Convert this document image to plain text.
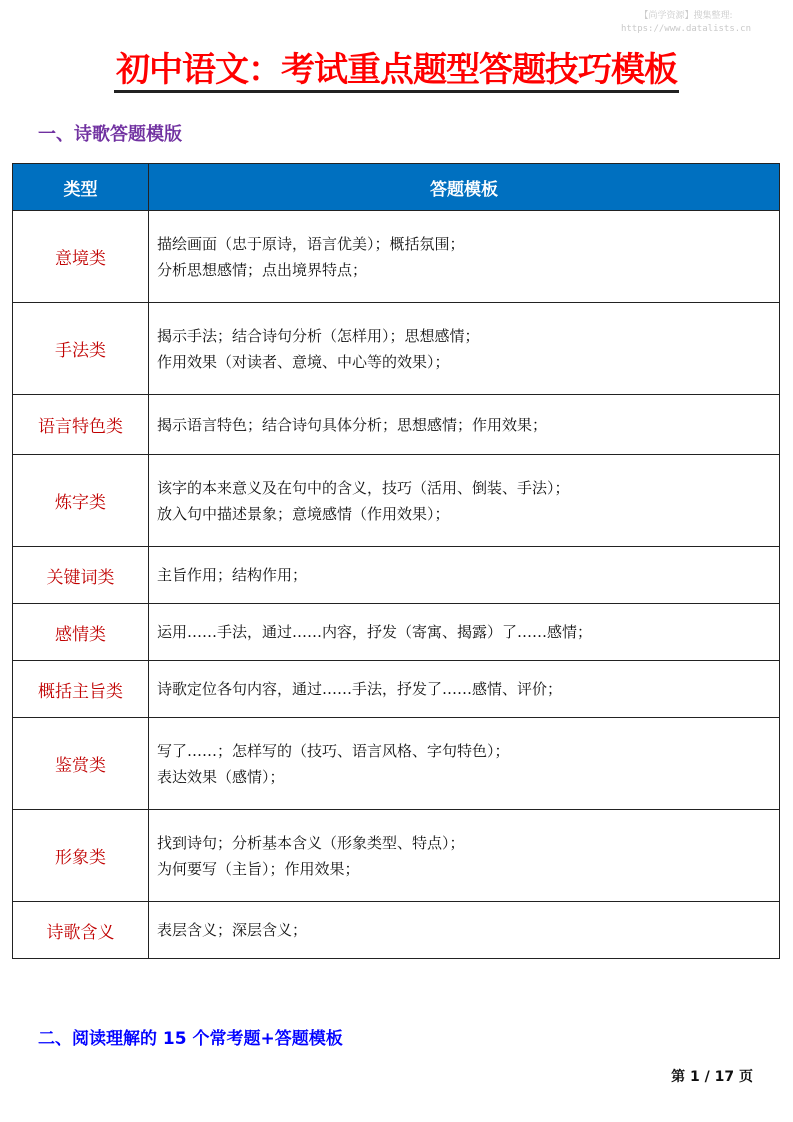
【尚学资源】搜集整理:
https://www.datalists.cn
初中语文：考试重点题型答题技巧模板
一、诗歌答题模版
类型	答题模板
意境类	描绘画面（忠于原诗，语言优美）；概括氛围；
分析思想感情；点出境界特点；

手法类	揭示手法；结合诗句分析（怎样用）；思想感情；
作用效果（对读者、意境、中心等的效果）；

语言特色类	揭示语言特色；结合诗句具体分析；思想感情；作用效果；

炼字类	该字的本来意义及在句中的含义，技巧（活用、倒装、手法）；
放入句中描述景象；意境感情（作用效果）；

关键词类	主旨作用；结构作用；

感情类	运用……手法，通过……内容，抒发（寄寓、揭露）了……感情；

概括主旨类	诗歌定位各句内容，通过……手法，抒发了……感情、评价；

鉴赏类	写了……；怎样写的（技巧、语言风格、字句特色）；
表达效果（感情）；

形象类	找到诗句；分析基本含义（形象类型、特点）；
为何要写（主旨）；作用效果；

诗歌含义	表层含义；深层含义；
二、阅读理解的 15 个常考题+答题模板
第 1 / 17 页
